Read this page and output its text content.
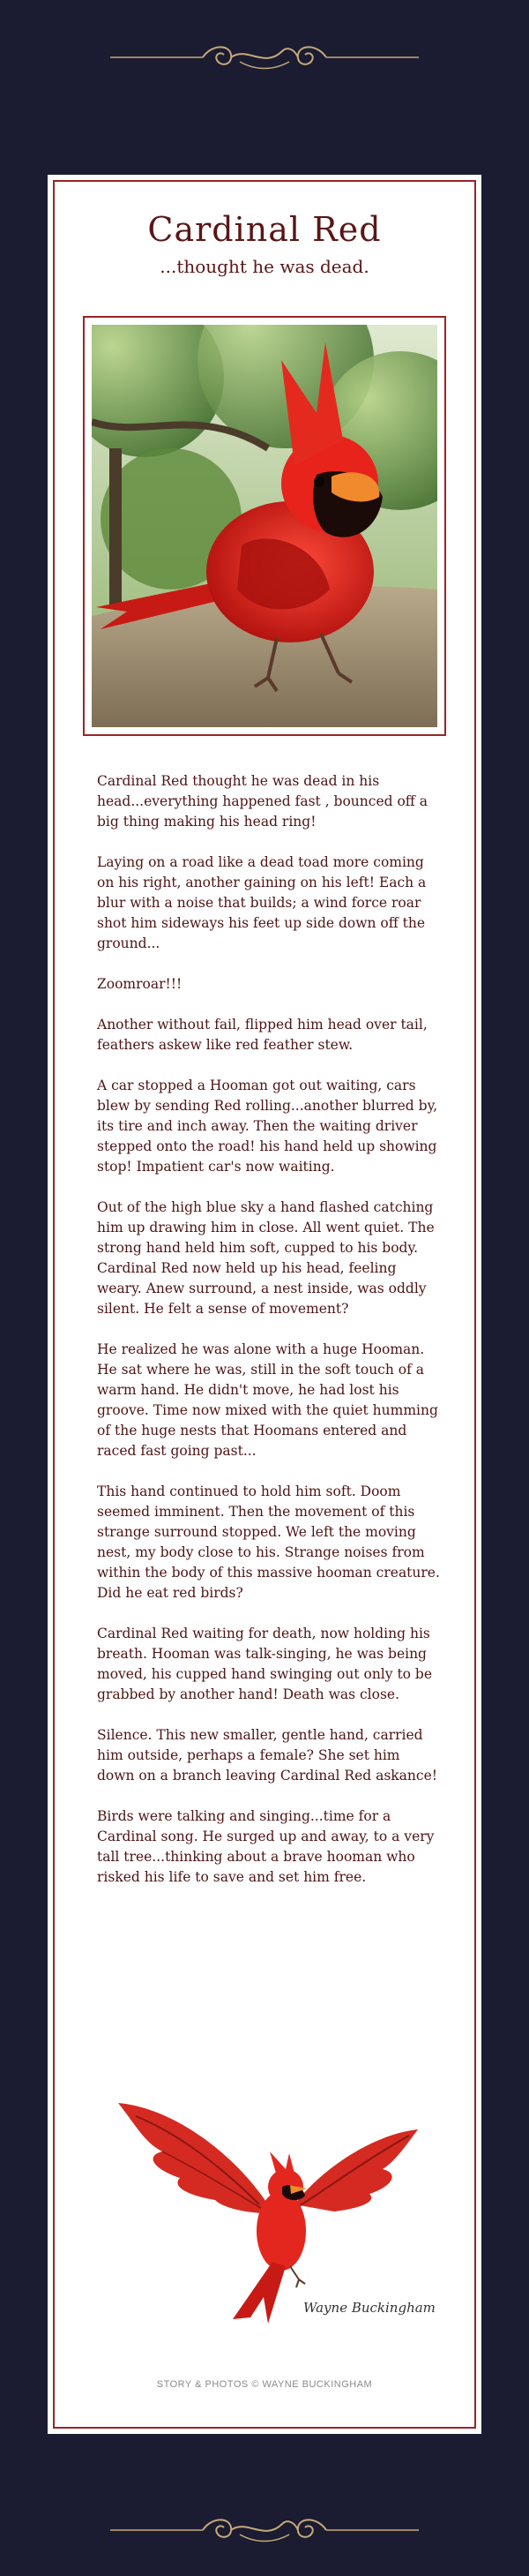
Cardinal Red
...thought he was dead.

Cardinal Red thought he was dead in his head...everything happened fast , bounced off a big thing making his head ring!

Laying on a road like a dead toad more coming on his right, another gaining on his left! Each a blur with a noise that builds; a wind force roar shot him sideways his feet up side down off the ground...

Zoomroar!!!

Another without fail, flipped him head over tail, feathers askew like red feather stew.

A car stopped a Hooman got out waiting, cars blew by sending Red rolling...another blurred by, its tire and inch away. Then the waiting driver stepped onto the road! his hand held up showing stop! Impatient car's now waiting.

Out of the high blue sky a hand flashed catching him up drawing him in close. All went quiet. The strong hand held him soft, cupped to his body. Cardinal Red now held up his head, feeling weary. Anew surround, a nest inside, was oddly silent. He felt a sense of movement?

He realized he was alone with a huge Hooman. He sat where he was, still in the soft touch of a warm hand. He didn't move, he had lost his groove. Time now mixed with the quiet humming of the huge nests that Hoomans entered and raced fast going past...

This hand continued to hold him soft. Doom seemed imminent. Then the movement of this strange surround stopped. We left the moving nest, my body close to his. Strange noises from within the body of this massive hooman creature. Did he eat red birds?

Cardinal Red waiting for death, now holding his breath. Hooman was talk-singing, he was being moved, his cupped hand swinging out only to be grabbed by another hand! Death was close.

Silence. This new smaller, gentle hand, carried him outside, perhaps a female? She set him down on a branch leaving Cardinal Red askance!

Birds were talking and singing...time for a Cardinal song. He surged up and away, to a very tall tree...thinking about a brave hooman who risked his life to save and set him free.

Wayne Buckingham
STORY & PHOTOS © WAYNE BUCKINGHAM
